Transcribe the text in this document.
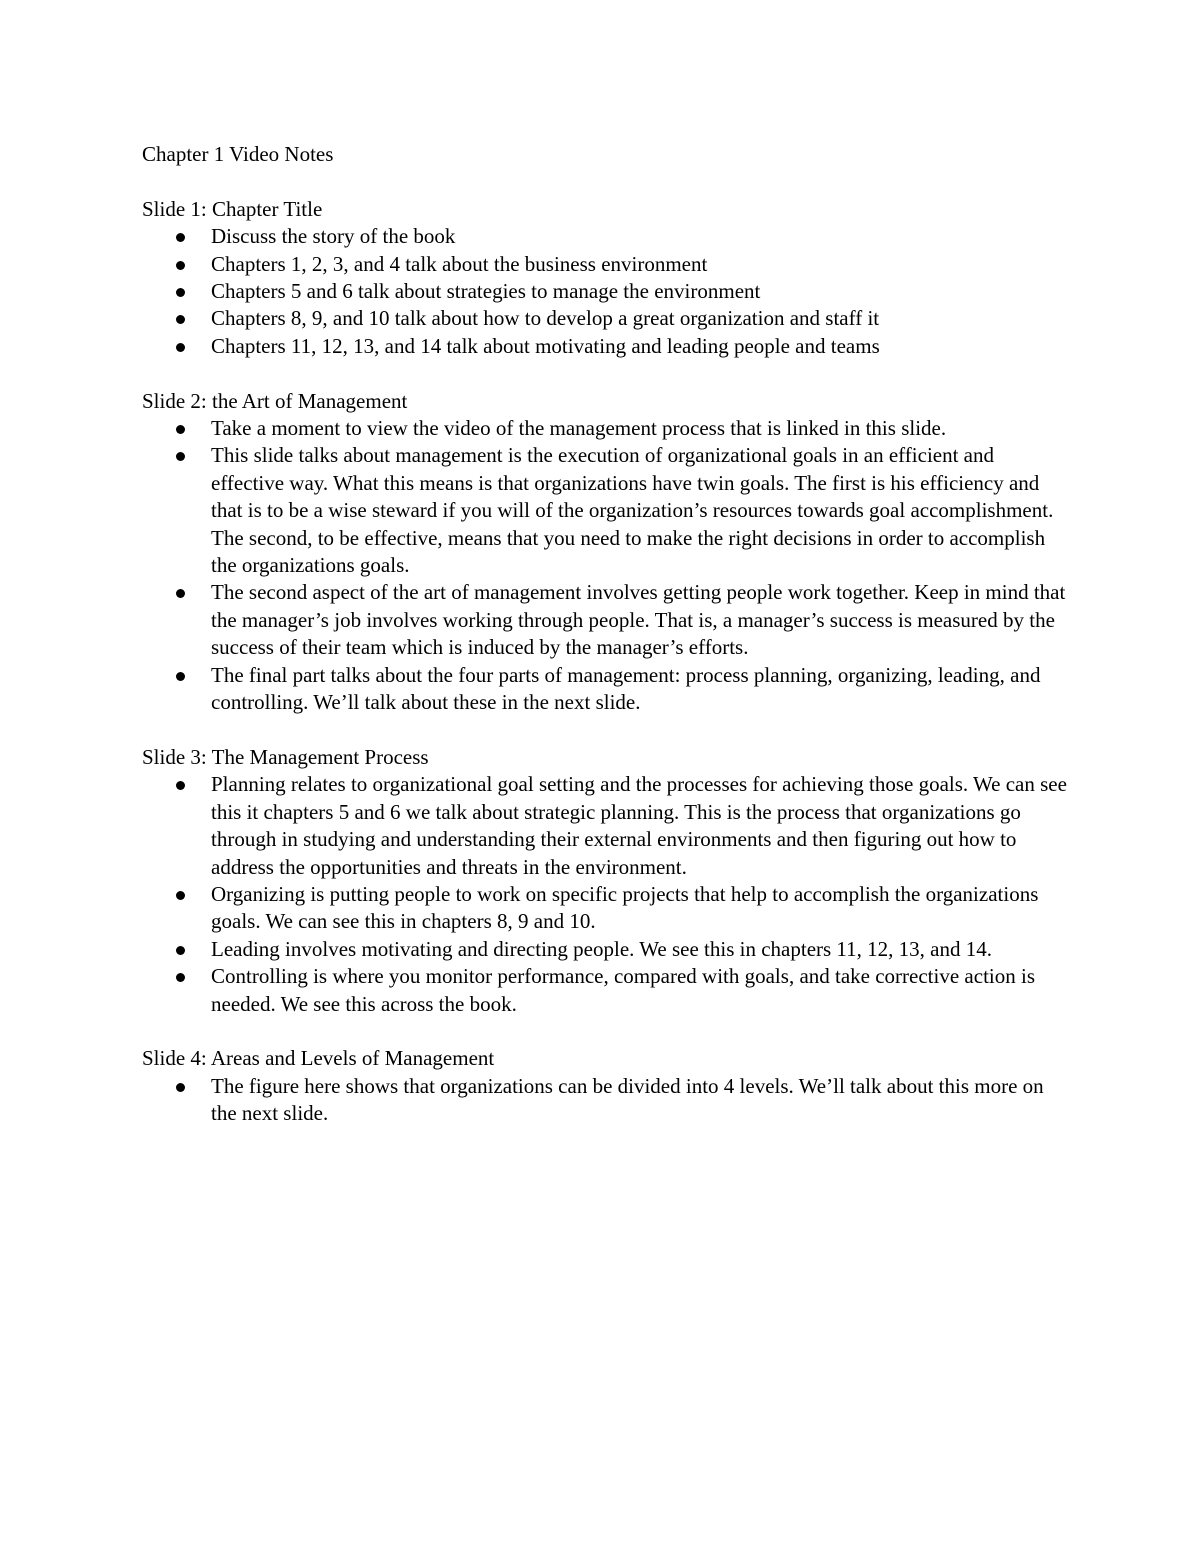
Chapter 1 Video Notes
Slide 1: Chapter Title
Discuss the story of the book
Chapters 1, 2, 3, and 4 talk about the business environment
Chapters 5 and 6 talk about strategies to manage the environment
Chapters 8, 9, and 10 talk about how to develop a great organization and staff it
Chapters 11, 12, 13, and 14 talk about motivating and leading people and teams
Slide 2: the Art of Management
Take a moment to view the video of the management process that is linked in this slide.
This slide talks about management is the execution of organizational goals in an efficient and effective way. What this means is that organizations have twin goals. The first is his efficiency and that is to be a wise steward if you will of the organization’s resources towards goal accomplishment. The second, to be effective, means that you need to make the right decisions in order to accomplish the organizations goals.
The second aspect of the art of management involves getting people work together. Keep in mind that the manager’s job involves working through people. That is, a manager’s success is measured by the success of their team which is induced by the manager’s efforts.
The final part talks about the four parts of management: process planning, organizing, leading, and controlling. We’ll talk about these in the next slide.
Slide 3: The Management Process
Planning relates to organizational goal setting and the processes for achieving those goals. We can see this it chapters 5 and 6 we talk about strategic planning. This is the process that organizations go through in studying and understanding their external environments and then figuring out how to address the opportunities and threats in the environment.
Organizing is putting people to work on specific projects that help to accomplish the organizations goals. We can see this in chapters 8, 9 and 10.
Leading involves motivating and directing people. We see this in chapters 11, 12, 13, and 14.
Controlling is where you monitor performance, compared with goals, and take corrective action is needed. We see this across the book.
Slide 4: Areas and Levels of Management
The figure here shows that organizations can be divided into 4 levels. We’ll talk about this more on the next slide.
